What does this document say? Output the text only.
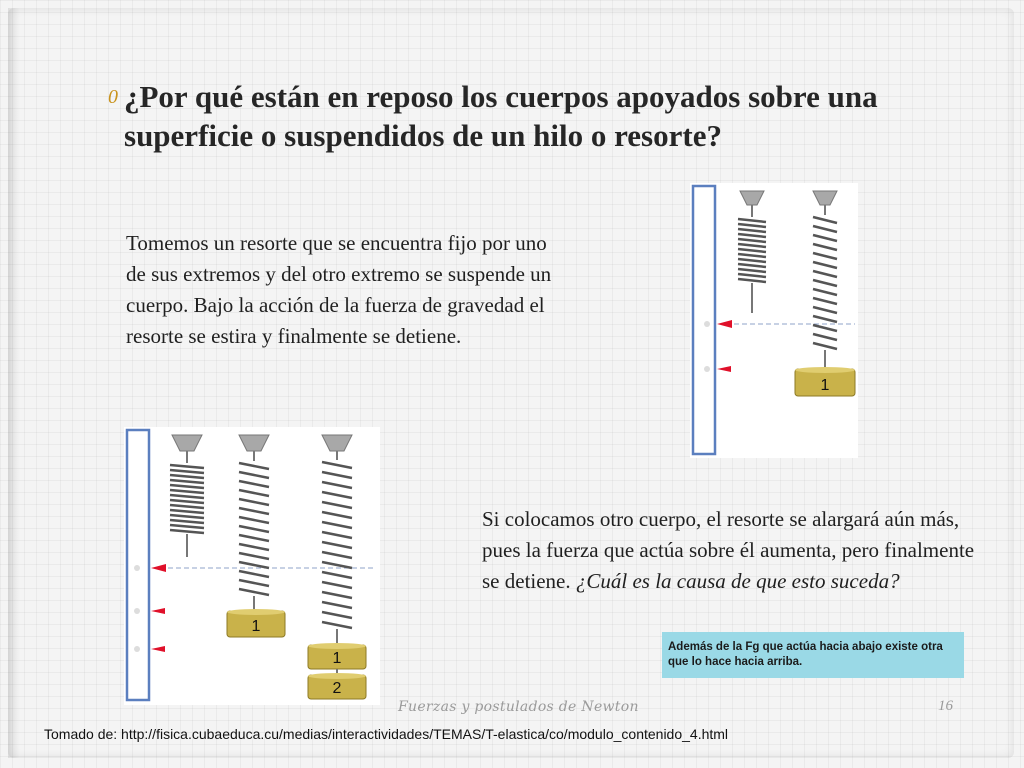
0 ¿Por qué están en reposo los cuerpos apoyados sobre una superficie o suspendidos de un hilo o resorte?

Tomemos un resorte que se encuentra fijo por uno de sus extremos y del otro extremo se suspende un cuerpo. Bajo la acción de la fuerza de gravedad el resorte se estira y finalmente se detiene.

1
1
1
2

Si colocamos otro cuerpo, el resorte se alargará aún más, pues la fuerza que actúa sobre él aumenta, pero finalmente se detiene. ¿Cuál es la causa de que esto suceda?

Además de la Fg que actúa hacia abajo existe otra que lo hace hacia arriba.
Fuerzas y postulados de Newton	16
Tomado de: http://fisica.cubaeduca.cu/medias/interactividades/TEMAS/T-elastica/co/modulo_contenido_4.html
